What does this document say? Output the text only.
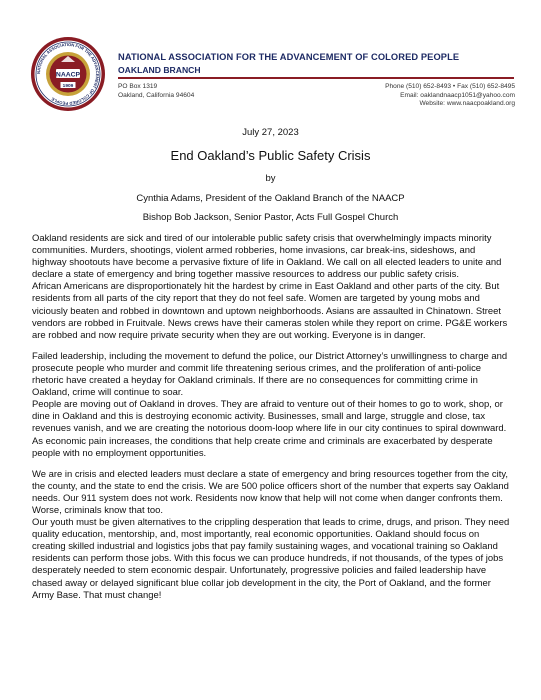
NATIONAL ASSOCIATION FOR THE ADVANCEMENT OF COLORED PEOPLE
NAACP
1909
NATIONAL ASSOCIATION FOR THE ADVANCEMENT OF COLORED PEOPLE
OAKLAND BRANCH
PO Box 1319
Oakland, California 94604
Phone (510) 652-8493 • Fax (510) 652-8495
Email: oaklandnaacp1051@yahoo.com
Website: www.naacpoakland.org
July 27, 2023
End Oakland’s Public Safety Crisis
by
Cynthia Adams, President of the Oakland Branch of the NAACP
Bishop Bob Jackson, Senior Pastor, Acts Full Gospel Church

Oakland residents are sick and tired of our intolerable public safety crisis that overwhelmingly impacts minority communities. Murders, shootings, violent armed robberies, home invasions, car break-ins, sideshows, and highway shootouts have become a pervasive fixture of life in Oakland. We call on all elected leaders to unite and declare a state of emergency and bring together massive resources to address our public safety crisis.

African Americans are disproportionately hit the hardest by crime in East Oakland and other parts of the city. But residents from all parts of the city report that they do not feel safe. Women are targeted by young mobs and viciously beaten and robbed in downtown and uptown neighborhoods. Asians are assaulted in Chinatown. Street vendors are robbed in Fruitvale. News crews have their cameras stolen while they report on crime. PG&E workers are robbed and now require private security when they are out working. Everyone is in danger.

Failed leadership, including the movement to defund the police, our District Attorney’s unwillingness to charge and prosecute people who murder and commit life threatening serious crimes, and the proliferation of anti-police rhetoric have created a heyday for Oakland criminals. If there are no consequences for committing crime in Oakland, crime will continue to soar.

People are moving out of Oakland in droves. They are afraid to venture out of their homes to go to work, shop, or dine in Oakland and this is destroying economic activity. Businesses, small and large, struggle and close, tax revenues vanish, and we are creating the notorious doom-loop where life in our city continues to spiral downward. As economic pain increases, the conditions that help create crime and criminals are exacerbated by desperate people with no employment opportunities.

We are in crisis and elected leaders must declare a state of emergency and bring resources together from the city, the county, and the state to end the crisis. We are 500 police officers short of the number that experts say Oakland needs. Our 911 system does not work. Residents now know that help will not come when danger confronts them. Worse, criminals know that too.

Our youth must be given alternatives to the crippling desperation that leads to crime, drugs, and prison. They need quality education, mentorship, and, most importantly, real economic opportunities. Oakland should focus on creating skilled industrial and logistics jobs that pay family sustaining wages, and vocational training so Oakland residents can perform those jobs. With this focus we can produce hundreds, if not thousands, of the types of jobs desperately needed to stem economic despair. Unfortunately, progressive policies and failed leadership have chased away or delayed significant blue collar job development in the city, the Port of Oakland, and the former Army Base. That must change!
